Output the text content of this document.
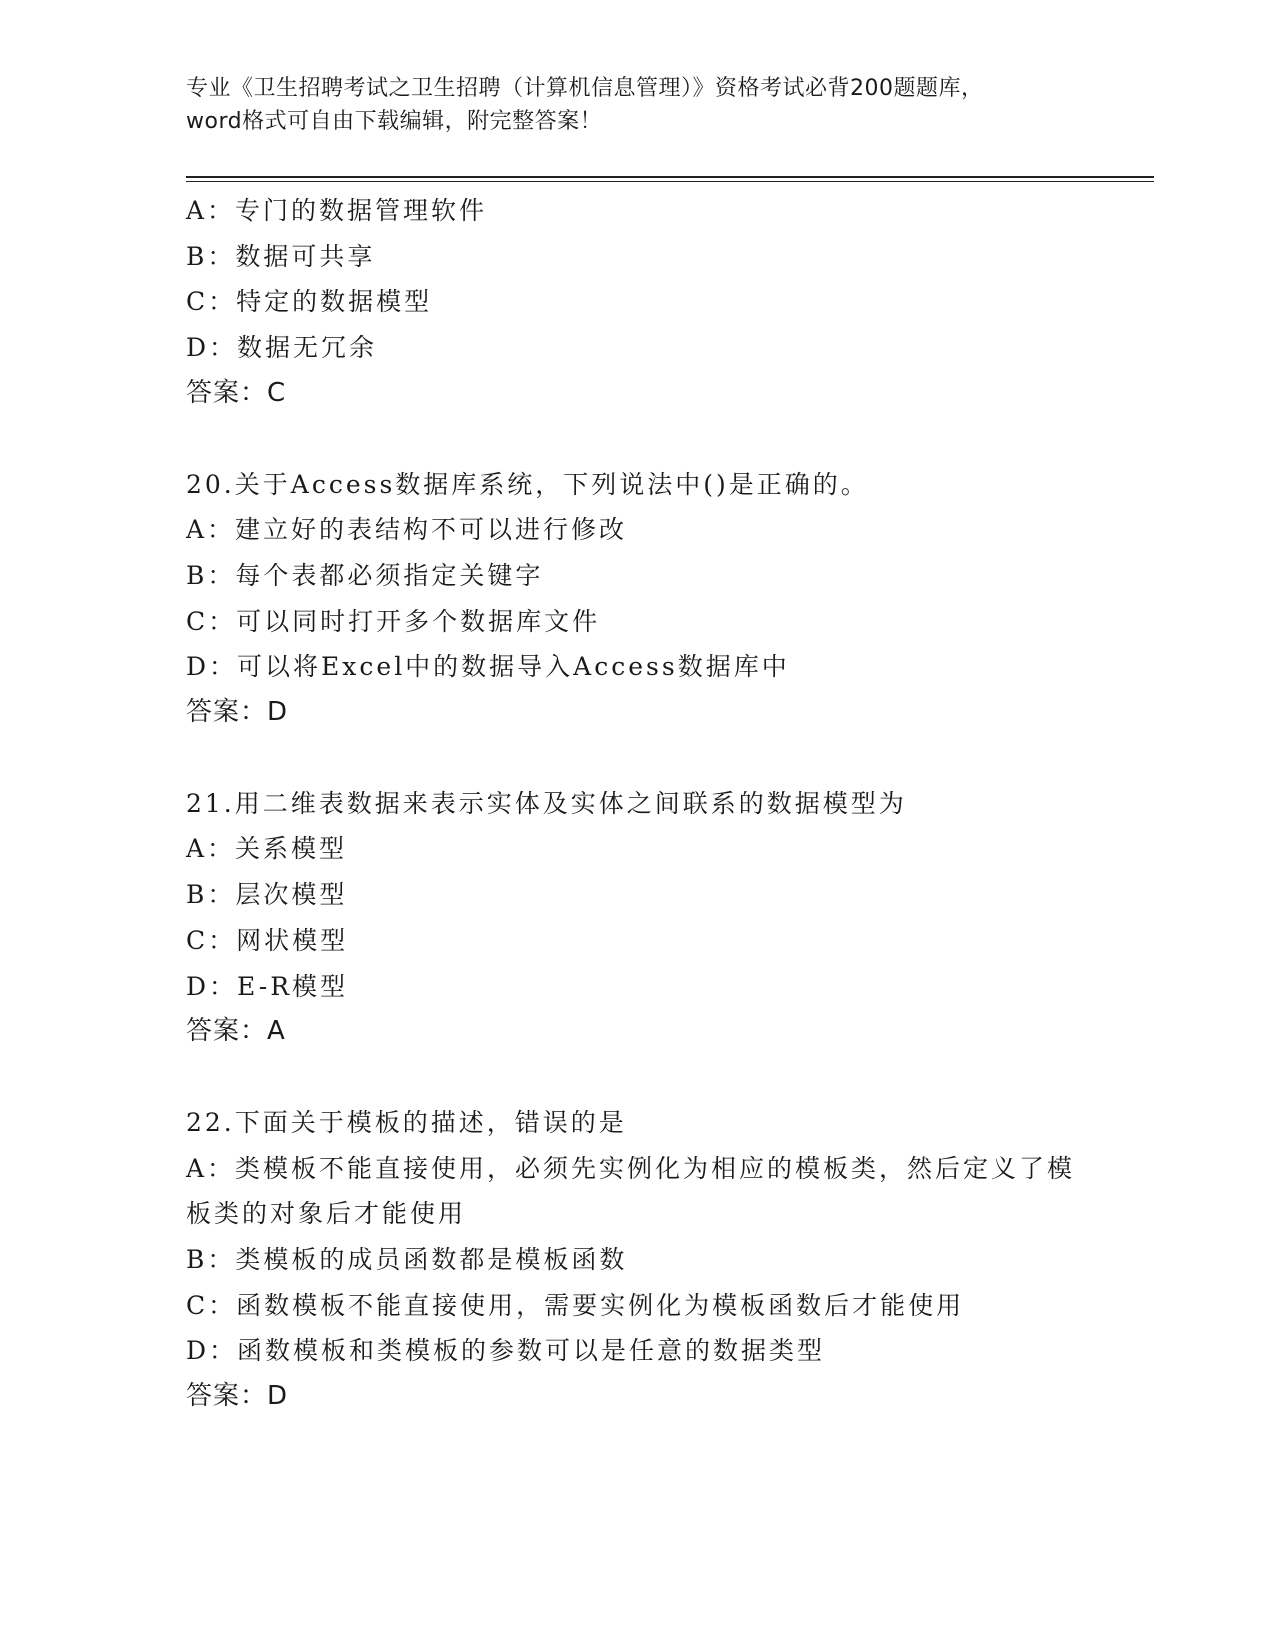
专业《卫生招聘考试之卫生招聘（计算机信息管理）》资格考试必背200题题库，
word格式可自由下载编辑，附完整答案！
A：专门的数据管理软件
B：数据可共享
C：特定的数据模型
D：数据无冗余
答案：C
20.关于Access数据库系统，下列说法中()是正确的。
A：建立好的表结构不可以进行修改
B：每个表都必须指定关键字
C：可以同时打开多个数据库文件
D：可以将Excel中的数据导入Access数据库中
答案：D
21.用二维表数据来表示实体及实体之间联系的数据模型为
A：关系模型
B：层次模型
C：网状模型
D：E-R模型
答案：A
22.下面关于模板的描述，错误的是
A：类模板不能直接使用，必须先实例化为相应的模板类，然后定义了模板类的对象后才能使用
B：类模板的成员函数都是模板函数
C：函数模板不能直接使用，需要实例化为模板函数后才能使用
D：函数模板和类模板的参数可以是任意的数据类型
答案：D
